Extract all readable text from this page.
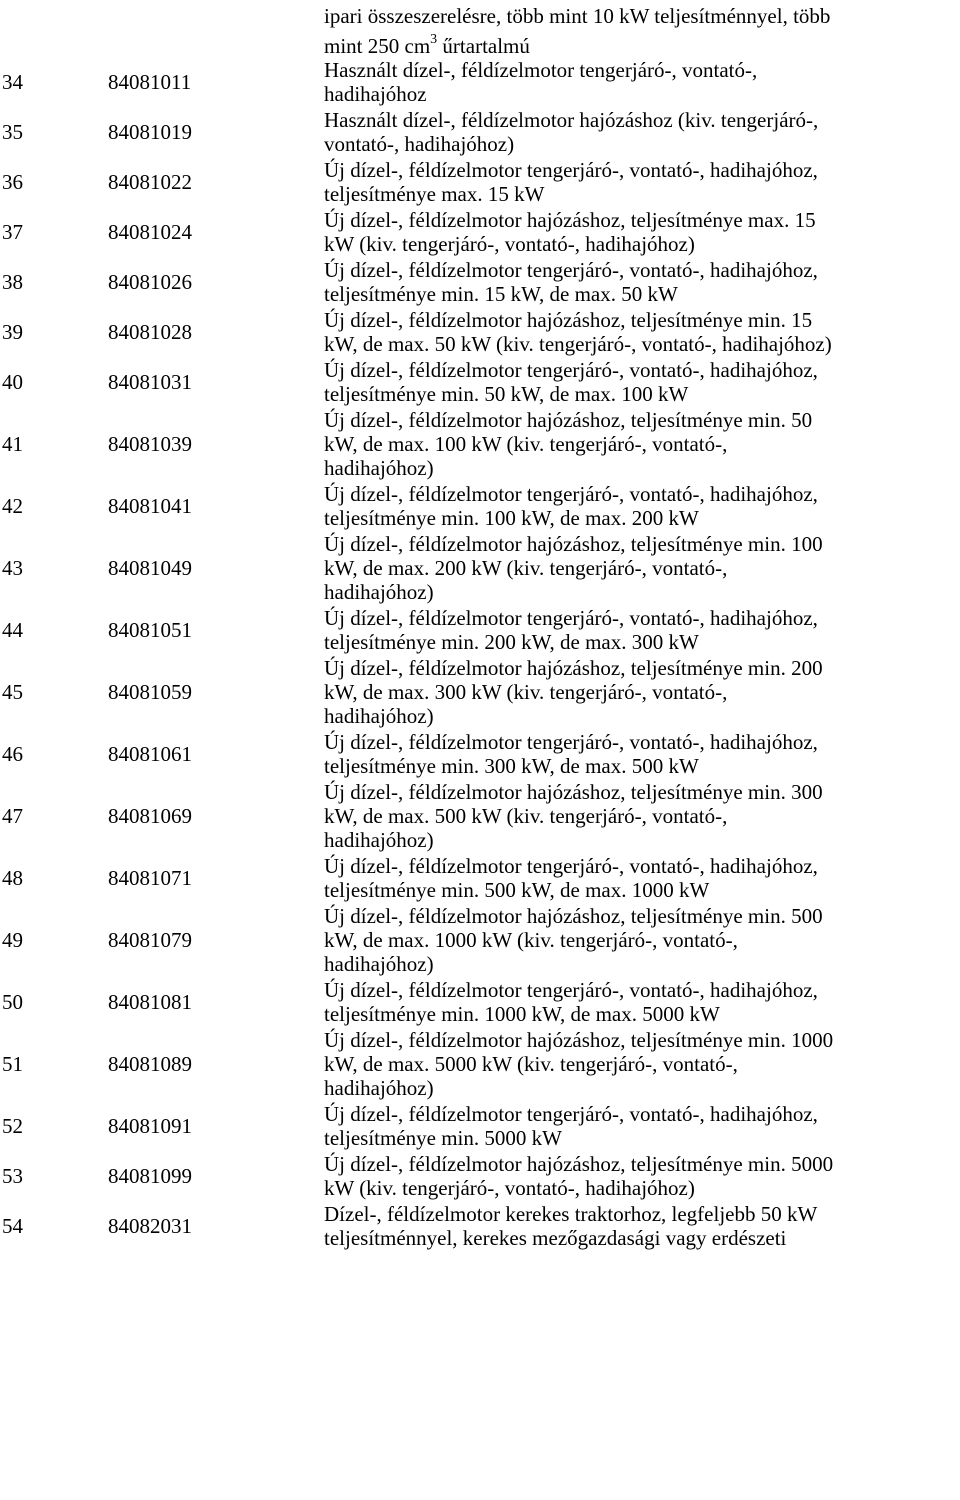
ipari összeszerelésre, több mint 10 kW teljesítménnyel, több
mint 250 $cm^3$ űrtartalmú
34	84081011	Használt dízel-, féldízelmotor tengerjáró-, vontató-,
hadihajóhoz
35	84081019	Használt dízel-, féldízelmotor hajózáshoz (kiv. tengerjáró-,
vontató-, hadihajóhoz)
36	84081022	Új dízel-, féldízelmotor tengerjáró-, vontató-, hadihajóhoz,
teljesítménye max. 15 kW
37	84081024	Új dízel-, féldízelmotor hajózáshoz, teljesítménye max. 15
kW (kiv. tengerjáró-, vontató-, hadihajóhoz)
38	84081026	Új dízel-, féldízelmotor tengerjáró-, vontató-, hadihajóhoz,
teljesítménye min. 15 kW, de max. 50 kW
39	84081028	Új dízel-, féldízelmotor hajózáshoz, teljesítménye min. 15
kW, de max. 50 kW (kiv. tengerjáró-, vontató-, hadihajóhoz)
40	84081031	Új dízel-, féldízelmotor tengerjáró-, vontató-, hadihajóhoz,
teljesítménye min. 50 kW, de max. 100 kW
41	84081039
Új dízel-, féldízelmotor hajózáshoz, teljesítménye min. 50
kW, de max. 100 kW (kiv. tengerjáró-, vontató-,
hadihajóhoz)
42	84081041	Új dízel-, féldízelmotor tengerjáró-, vontató-, hadihajóhoz,
teljesítménye min. 100 kW, de max. 200 kW
43	84081049
Új dízel-, féldízelmotor hajózáshoz, teljesítménye min. 100
kW, de max. 200 kW (kiv. tengerjáró-, vontató-,
hadihajóhoz)
44	84081051	Új dízel-, féldízelmotor tengerjáró-, vontató-, hadihajóhoz,
teljesítménye min. 200 kW, de max. 300 kW
45	84081059
Új dízel-, féldízelmotor hajózáshoz, teljesítménye min. 200
kW, de max. 300 kW (kiv. tengerjáró-, vontató-,
hadihajóhoz)
46	84081061	Új dízel-, féldízelmotor tengerjáró-, vontató-, hadihajóhoz,
teljesítménye min. 300 kW, de max. 500 kW
47	84081069
Új dízel-, féldízelmotor hajózáshoz, teljesítménye min. 300
kW, de max. 500 kW (kiv. tengerjáró-, vontató-,
hadihajóhoz)
48	84081071	Új dízel-, féldízelmotor tengerjáró-, vontató-, hadihajóhoz,
teljesítménye min. 500 kW, de max. 1000 kW
49	84081079
Új dízel-, féldízelmotor hajózáshoz, teljesítménye min. 500
kW, de max. 1000 kW (kiv. tengerjáró-, vontató-,
hadihajóhoz)
50	84081081	Új dízel-, féldízelmotor tengerjáró-, vontató-, hadihajóhoz,
teljesítménye min. 1000 kW, de max. 5000 kW
51	84081089
Új dízel-, féldízelmotor hajózáshoz, teljesítménye min. 1000
kW, de max. 5000 kW (kiv. tengerjáró-, vontató-,
hadihajóhoz)
52	84081091	Új dízel-, féldízelmotor tengerjáró-, vontató-, hadihajóhoz,
teljesítménye min. 5000 kW
53	84081099	Új dízel-, féldízelmotor hajózáshoz, teljesítménye min. 5000
kW (kiv. tengerjáró-, vontató-, hadihajóhoz)
54	84082031	Dízel-, féldízelmotor kerekes traktorhoz, legfeljebb 50 kW
teljesítménnyel, kerekes mezőgazdasági vagy erdészeti
